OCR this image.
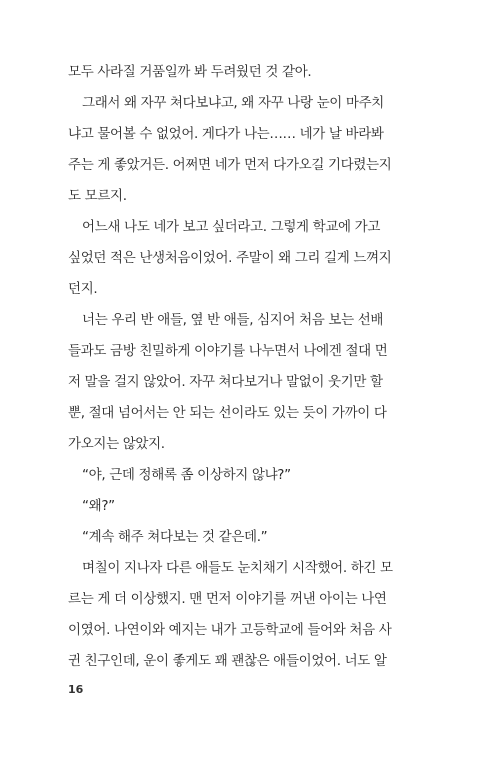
모두 사라질 거품일까 봐 두려웠던 것 같아.
그래서 왜 자꾸 쳐다보냐고, 왜 자꾸 나랑 눈이 마주치
냐고 물어볼 수 없었어. 게다가 나는…… 네가 날 바라봐
주는 게 좋았거든. 어쩌면 네가 먼저 다가오길 기다렸는지
도 모르지.
어느새 나도 네가 보고 싶더라고. 그렇게 학교에 가고
싶었던 적은 난생처음이었어. 주말이 왜 그리 길게 느껴지
던지.
너는 우리 반 애들, 옆 반 애들, 심지어 처음 보는 선배
들과도 금방 친밀하게 이야기를 나누면서 나에겐 절대 먼
저 말을 걸지 않았어. 자꾸 쳐다보거나 말없이 웃기만 할
뿐, 절대 넘어서는 안 되는 선이라도 있는 듯이 가까이 다
가오지는 않았지.
“야, 근데 정해록 좀 이상하지 않냐?”
“왜?”
“계속 해주 쳐다보는 것 같은데.”
며칠이 지나자 다른 애들도 눈치채기 시작했어. 하긴 모
르는 게 더 이상했지. 맨 먼저 이야기를 꺼낸 아이는 나연
이였어. 나연이와 예지는 내가 고등학교에 들어와 처음 사
귄 친구인데, 운이 좋게도 꽤 괜찮은 애들이었어. 너도 알
16
